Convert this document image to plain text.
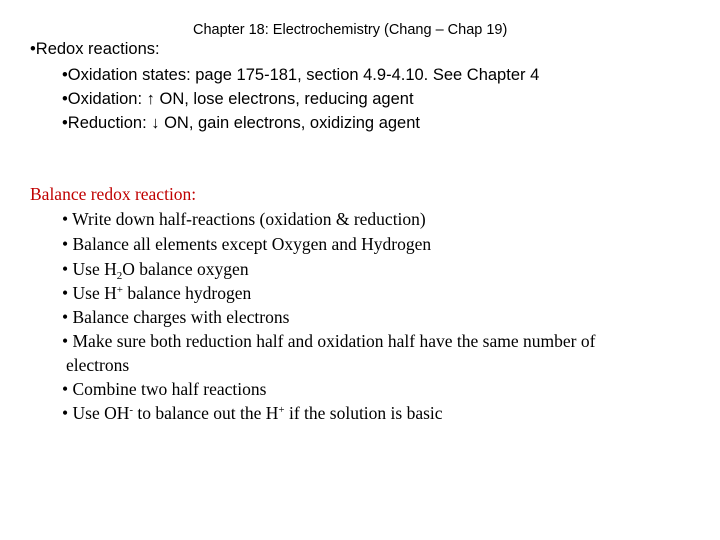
Chapter 18: Electrochemistry (Chang – Chap 19)
•Redox reactions:
•Oxidation states: page 175-181, section 4.9-4.10. See Chapter 4
•Oxidation: ↑ ON, lose electrons, reducing agent
•Reduction: ↓ ON, gain electrons, oxidizing agent
Balance redox reaction:
• Write down half-reactions (oxidation & reduction)
• Balance all elements except Oxygen and Hydrogen
• Use $H_2O$ balance oxygen
• Use H+ balance hydrogen
• Balance charges with electrons
• Make sure both reduction half and oxidation half have the same number of
electrons
• Combine two half reactions
• Use OH- to balance out the H+ if the solution is basic
